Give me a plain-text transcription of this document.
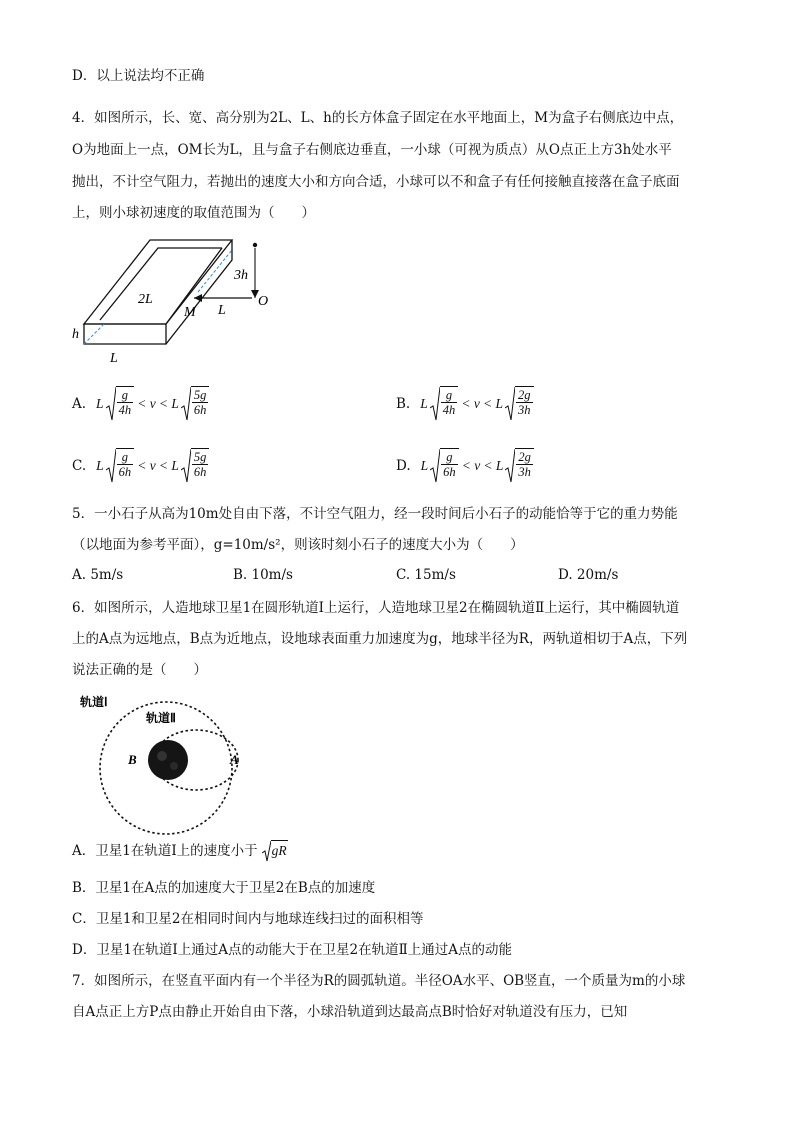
D．以上说法均不正确
4．如图所示，长、宽、高分别为2L、L、h的长方体盒子固定在水平地面上，M为盒子右侧底边中点，
O为地面上一点，OM长为L，且与盒子右侧底边垂直，一小球（可视为质点）从O点正上方3h处水平
抛出，不计空气阻力，若抛出的速度大小和方向合适，小球可以不和盒子有任何接触直接落在盒子底面
上，则小球初速度的取值范围为（　　）
3h
O
2L
M L
h
L
A. L $\frac{g}{4h} < v < L \frac{5g}{6h}$	B. L $\frac{g}{4h} < v < L \frac{2g}{3h}$
C. L $\frac{g}{6h} < v < L \frac{5g}{6h}$	D. L $\frac{g}{6h} < v < L \frac{2g}{3h}$
5．一小石子从高为10m处自由下落，不计空气阻力，经一段时间后小石子的动能恰等于它的重力势能
（以地面为参考平面），g=10m/s²，则该时刻小石子的速度大小为（　　）
A. 5m/s	B. 10m/s	C. 15m/s	D. 20m/s
6．如图所示，人造地球卫星1在圆形轨道Ⅰ上运行，人造地球卫星2在椭圆轨道Ⅱ上运行，其中椭圆轨道
上的A点为远地点，B点为近地点，设地球表面重力加速度为g，地球半径为R，两轨道相切于A点，下列
说法正确的是（　　）
轨道Ⅰ
轨道Ⅱ
B	A
A．卫星1在轨道Ⅰ上的速度小于 gR
B．卫星1在A点的加速度大于卫星2在B点的加速度
C．卫星1和卫星2在相同时间内与地球连线扫过的面积相等
D．卫星1在轨道Ⅰ上通过A点的动能大于在卫星2在轨道Ⅱ上通过A点的动能
7．如图所示，在竖直平面内有一个半径为R的圆弧轨道。半径OA水平、OB竖直，一个质量为m的小球
自A点正上方P点由静止开始自由下落，小球沿轨道到达最高点B时恰好对轨道没有压力，已知
